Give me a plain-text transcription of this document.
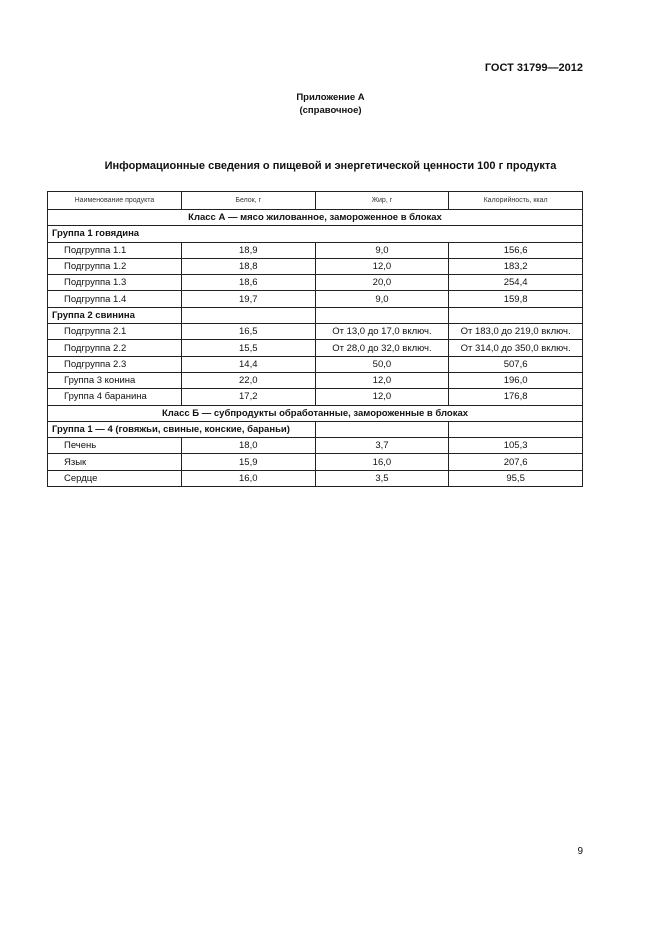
ГОСТ 31799—2012
Приложение А
(справочное)
Информационные сведения о пищевой и энергетической ценности 100 г продукта
Наименование продукта	Белок, г	Жир, г	Калорийность, ккал
Класс А — мясо жилованное, замороженное в блоках			
Группа 1 говядина			
Подгруппа 1.1	18,9	9,0	156,6
Подгруппа 1.2	18,8	12,0	183,2
Подгруппа 1.3	18,6	20,0	254,4
Подгруппа 1.4	19,7	9,0	159,8
Группа 2 свинина			
Подгруппа 2.1	16,5	От 13,0 до 17,0 включ.	От 183,0 до 219,0 включ.
Подгруппа 2.2	15,5	От 28,0 до 32,0 включ.	От 314,0 до 350,0 включ.
Подгруппа 2.3	14,4	50,0	507,6
Группа 3 конина	22,0	12,0	196,0
Группа 4 баранина	17,2	12,0	176,8
Класс Б — субпродукты обработанные, замороженные в блоках			
Группа 1 — 4 (говяжьи, свиные, конские, бараньи)			
Печень	18,0	3,7	105,3
Язык	15,9	16,0	207,6
Сердце	16,0	3,5	95,5
9
